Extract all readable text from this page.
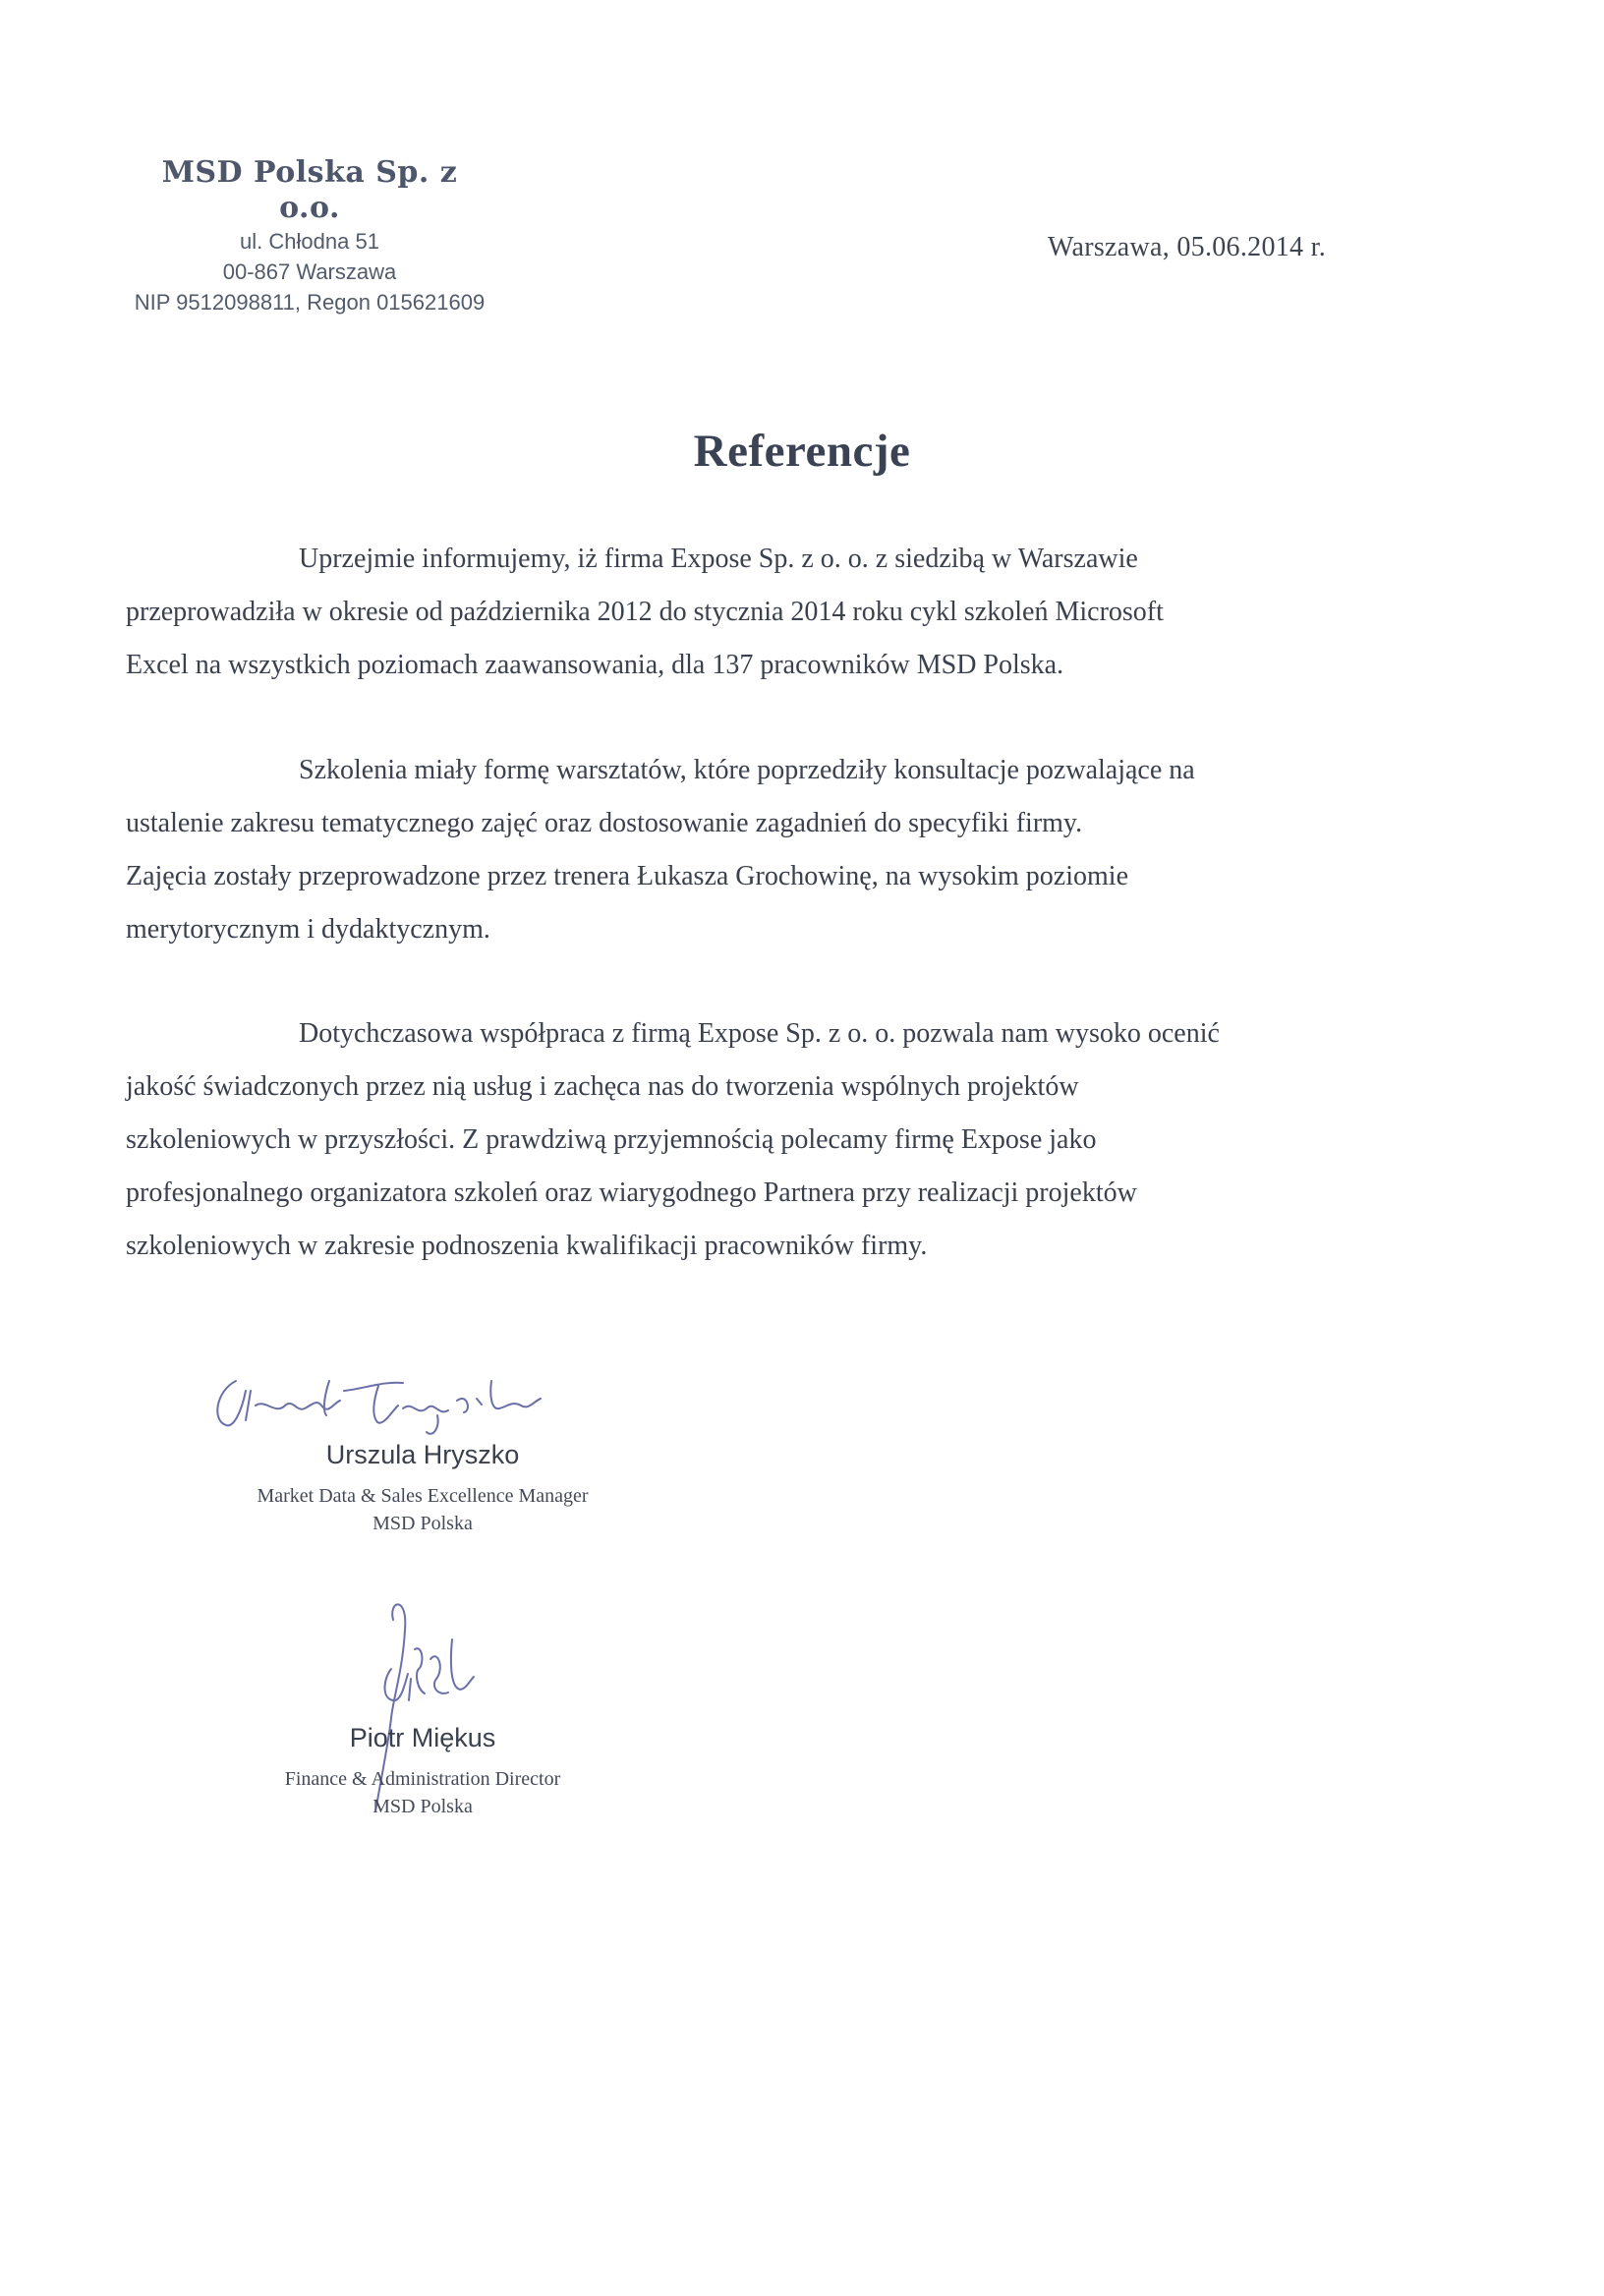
MSD Polska Sp. z o.o.
ul. Chłodna 51
00-867 Warszawa
NIP 9512098811, Regon 015621609
Warszawa, 05.06.2014 r.
Referencje
Uprzejmie informujemy, iż firma Expose Sp. z o. o. z siedzibą w Warszawie
przeprowadziła w okresie od października 2012 do stycznia 2014 roku cykl szkoleń Microsoft
Excel na wszystkich poziomach zaawansowania, dla 137 pracowników MSD Polska.
Szkolenia miały formę warsztatów, które poprzedziły konsultacje pozwalające na
ustalenie zakresu tematycznego zajęć oraz dostosowanie zagadnień do specyfiki firmy.
Zajęcia zostały przeprowadzone przez trenera Łukasza Grochowinę, na wysokim poziomie
merytorycznym i dydaktycznym.
Dotychczasowa współpraca z firmą Expose Sp. z o. o. pozwala nam wysoko ocenić
jakość świadczonych przez nią usług i zachęca nas do tworzenia wspólnych projektów
szkoleniowych w przyszłości. Z prawdziwą przyjemnością polecamy firmę Expose jako
profesjonalnego organizatora szkoleń oraz wiarygodnego Partnera przy realizacji projektów
szkoleniowych w zakresie podnoszenia kwalifikacji pracowników firmy.
Urszula Hryszko
Market Data & Sales Excellence Manager
MSD Polska
Piotr Miękus
Finance & Administration Director
MSD Polska
